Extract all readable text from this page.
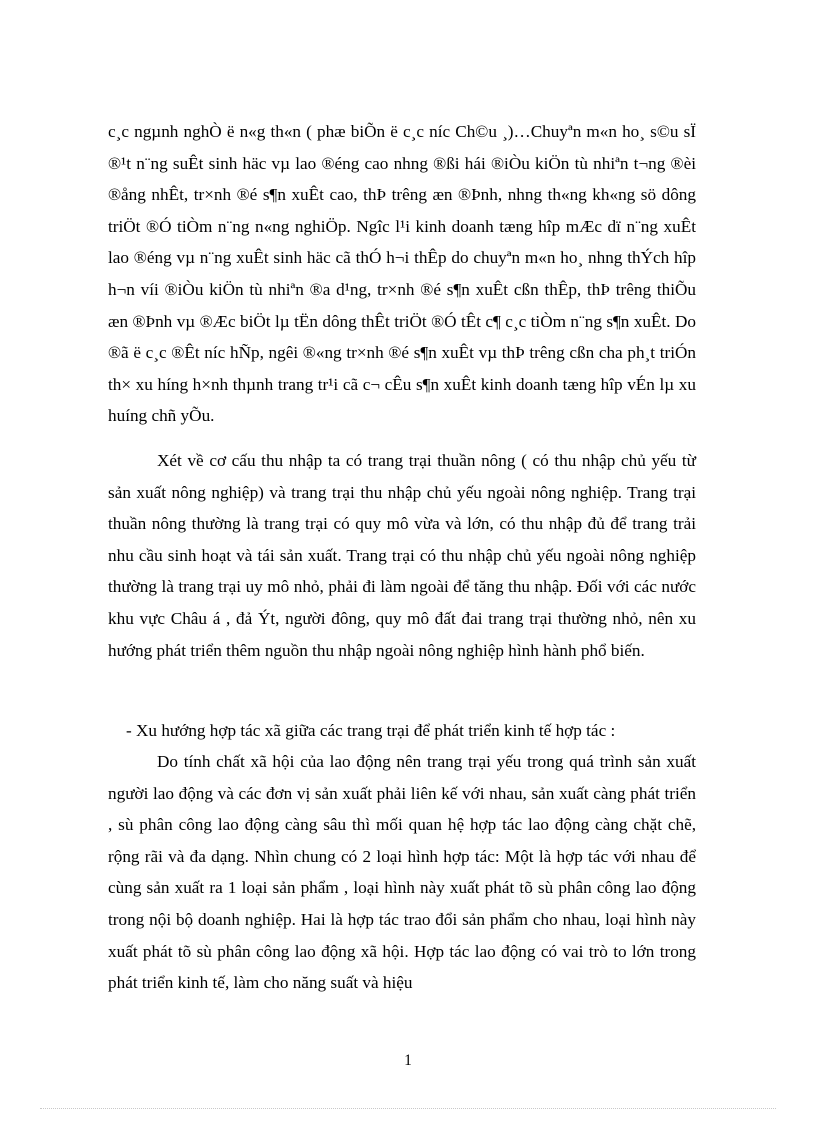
c¸c ngµnh nghÒ ë n«g th«n ( phæ biÕn ë c¸c níc Ch©u ¸)…Chuyªn m«n ho¸ s©u sÏ ®¹t n¨ng suÊt sinh häc vµ lao ®éng cao nhng ®ßi hái ®iÒu kiÖn tù nhiªn t¬ng ®èi ®ång nhÊt, tr×nh ®é s¶n xuÊt cao, thÞ trêng æn ®Þnh, nhng th«ng kh«ng sö dông triÖt ®Ó tiÒm n¨ng n«ng nghiÖp. Ngîc l¹i kinh doanh tæng hîp mÆc dï n¨ng xuÊt lao ®éng vµ n¨ng xuÊt sinh häc cã thÓ h¬i thÊp do chuyªn m«n ho¸ nhng thÝch hîp h¬n víi ®iÒu kiÖn tù nhiªn ®a d¹ng, tr×nh ®é s¶n xuÊt cßn thÊp, thÞ trêng thiÕu æn ®Þnh vµ ®Æc biÖt lµ tËn dông thÊt triÖt ®Ó tÊt c¶ c¸c tiÒm n¨ng s¶n xuÊt. Do ®ã ë c¸c ®Êt níc hÑp, ngêi ®«ng tr×nh ®é s¶n xuÊt vµ thÞ trêng cßn cha ph¸t triÓn th× xu híng h×nh thµnh trang tr¹i cã c¬ cÊu s¶n xuÊt kinh doanh tæng hîp vÉn lµ xu huíng chñ yÕu.

Xét về cơ cấu thu nhập ta có trang trại thuần nông ( có thu nhập chủ yếu từ sản xuất nông nghiệp) và trang trại thu nhập chủ yếu ngoài nông nghiệp. Trang trại thuần nông thường là trang trại có quy mô vừa và lớn, có thu nhập đủ để trang trải nhu cầu sinh hoạt và tái sản xuất. Trang trại có thu nhập chủ yếu ngoài nông nghiệp thường là trang trại uy mô nhỏ, phải đi làm ngoài để tăng thu nhập. Đối với các nước khu vực Châu á , đả Ýt, người đông, quy mô đất đai trang trại thường nhỏ, nên xu hướng phát triển thêm nguồn thu nhập ngoài nông nghiệp hình hành phổ biến.

- Xu hướng hợp tác xã giữa các trang trại để phát triển kinh tế hợp tác :

Do tính chất xã hội của lao động nên trang trại yếu trong quá trình sản xuất người lao động và các đơn vị sản xuất phải liên kế với nhau, sản xuất càng phát triển , sù phân công lao động càng sâu thì mối quan hệ hợp tác lao động càng chặt chẽ, rộng rãi và đa dạng. Nhìn chung có 2 loại hình hợp tác: Một là hợp tác với nhau để cùng sản xuất ra 1 loại sản phẩm , loại hình này xuất phát tõ sù phân công lao động trong nội bộ doanh nghiệp. Hai là hợp tác trao đổi sản phẩm cho nhau, loại hình này xuất phát tõ sù phân công lao động xã hội. Hợp tác lao động có vai trò to lớn trong phát triển kinh tế, làm cho năng suất và hiệu

1
